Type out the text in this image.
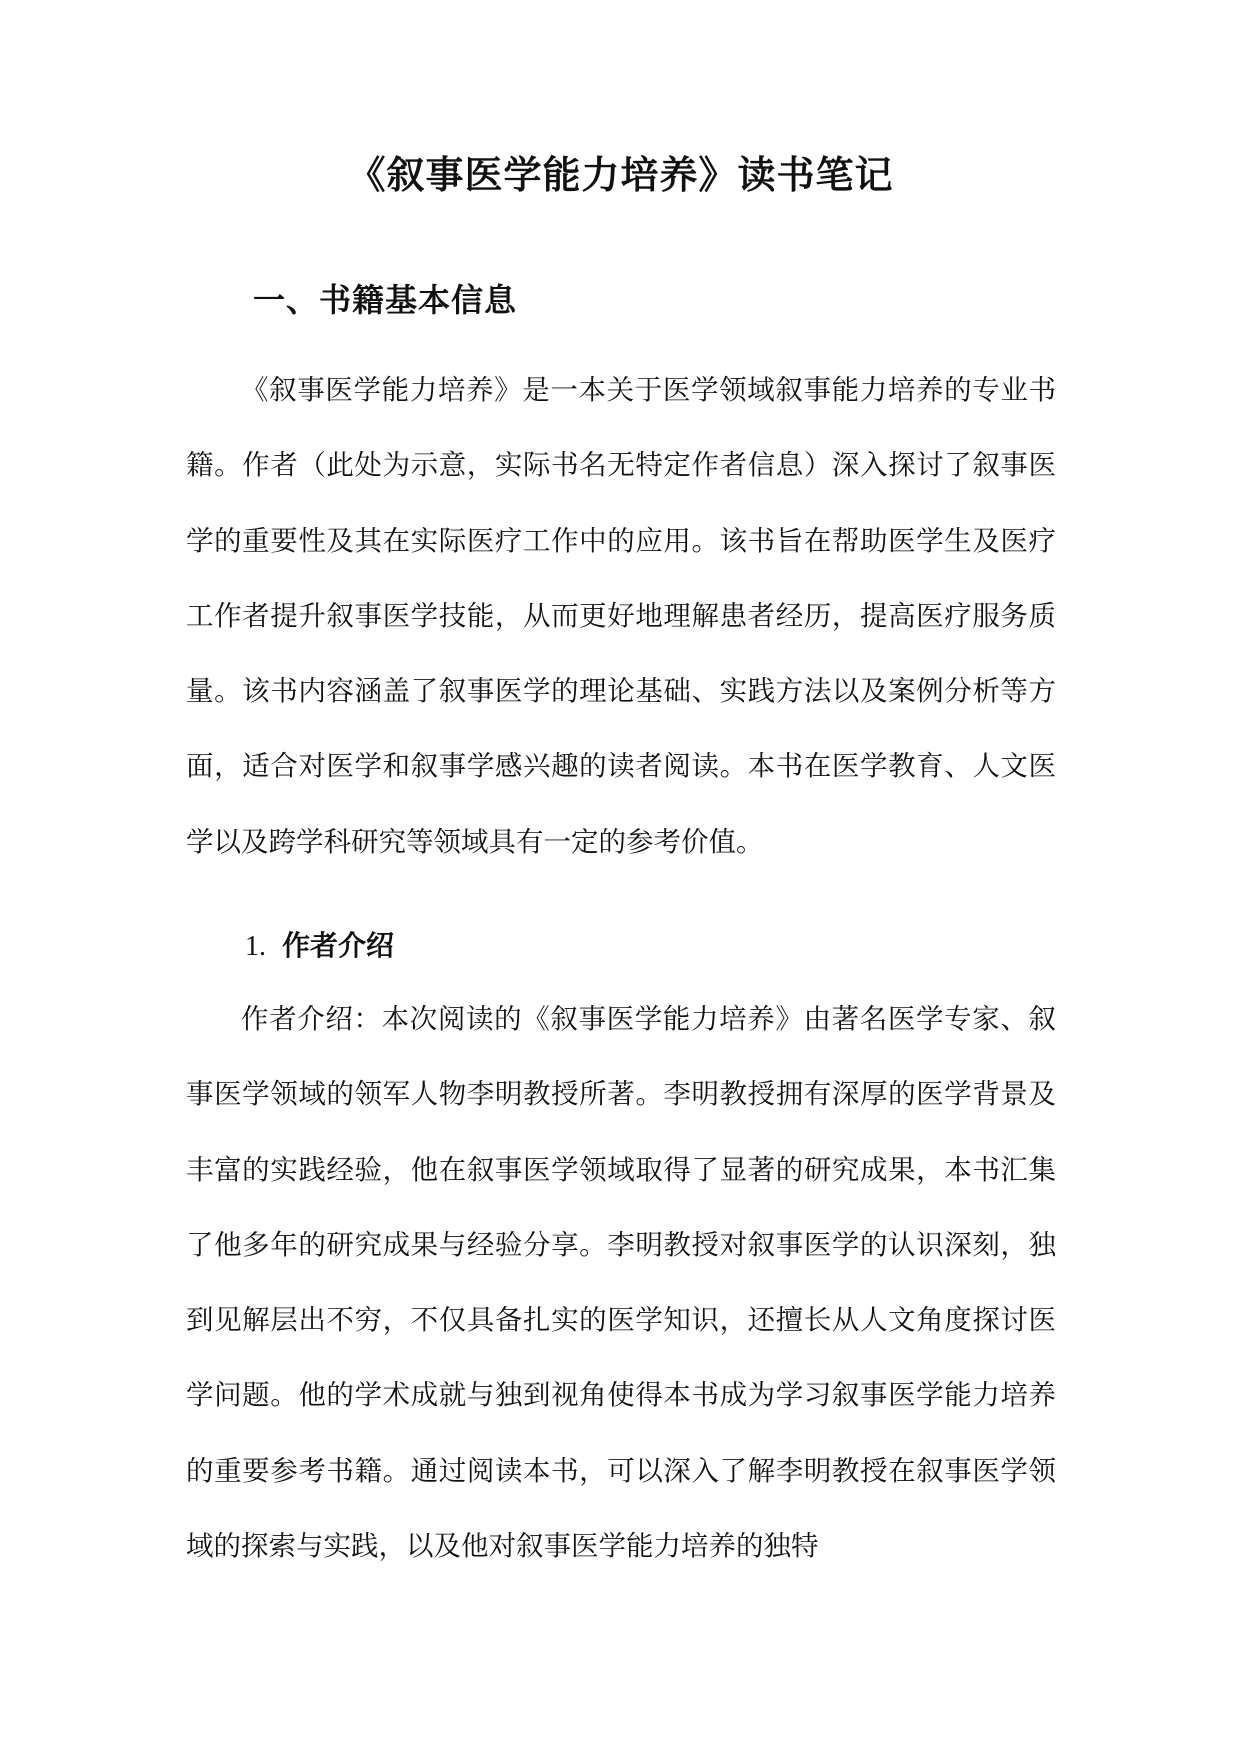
《叙事医学能力培养》读书笔记
一、书籍基本信息

《叙事医学能力培养》是一本关于医学领域叙事能力培养的专业书籍。作者（此处为示意，实际书名无特定作者信息）深入探讨了叙事医学的重要性及其在实际医疗工作中的应用。该书旨在帮助医学生及医疗工作者提升叙事医学技能，从而更好地理解患者经历，提高医疗服务质量。该书内容涵盖了叙事医学的理论基础、实践方法以及案例分析等方面，适合对医学和叙事学感兴趣的读者阅读。本书在医学教育、人文医学以及跨学科研究等领域具有一定的参考价值。

1. 作者介绍

作者介绍：本次阅读的《叙事医学能力培养》由著名医学专家、叙事医学领域的领军人物李明教授所著。李明教授拥有深厚的医学背景及丰富的实践经验，他在叙事医学领域取得了显著的研究成果，本书汇集了他多年的研究成果与经验分享。李明教授对叙事医学的认识深刻，独到见解层出不穷，不仅具备扎实的医学知识，还擅长从人文角度探讨医学问题。他的学术成就与独到视角使得本书成为学习叙事医学能力培养的重要参考书籍。通过阅读本书，可以深入了解李明教授在叙事医学领域的探索与实践，以及他对叙事医学能力培养的独特
